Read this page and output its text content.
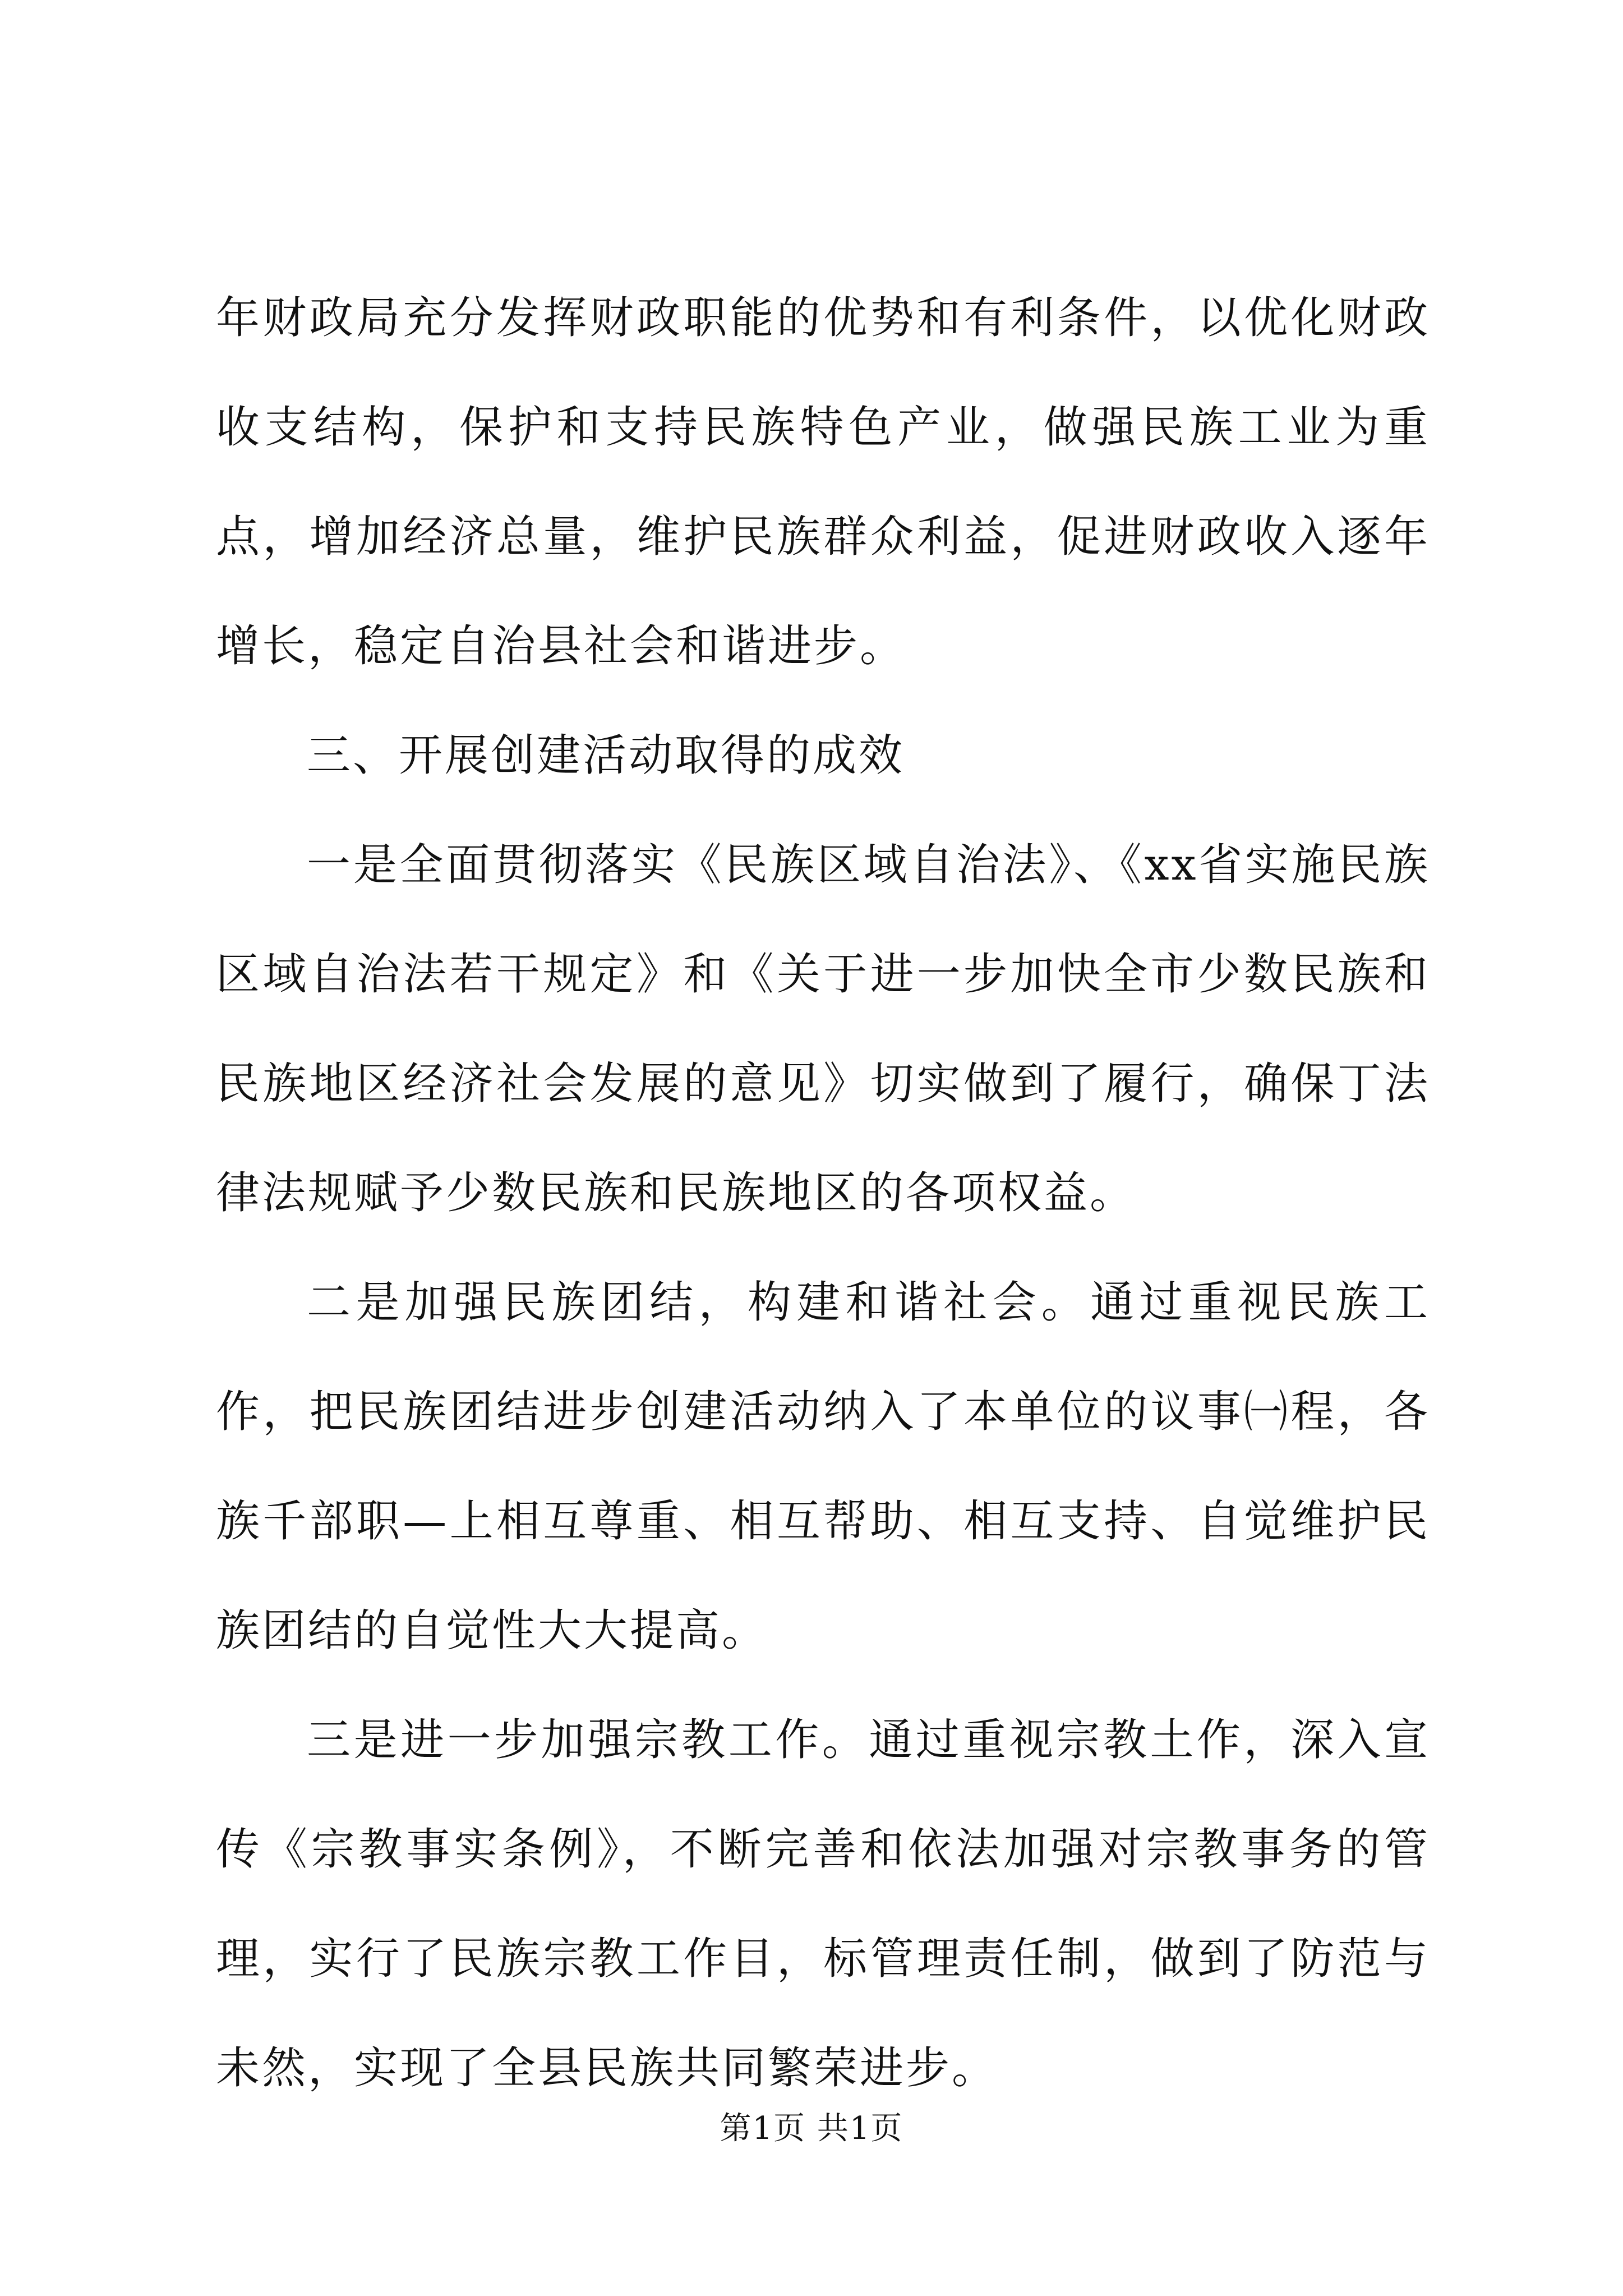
年财政局充分发挥财政职能的优势和有利条件，以优化财政收支结构，保护和支持民族特色产业，做强民族工业为重点，增加经济总量，维护民族群众利益，促进财政收入逐年增长，稳定自治县社会和谐进步。

三、开展创建活动取得的成效

一是全面贯彻落实《民族区域自治法》、《xx省实施民族区域自治法若干规定》和《关于进一步加快全市少数民族和民族地区经济社会发展的意见》切实做到了履行，确保丁法律法规赋予少数民族和民族地区的各项权益。

二是加强民族团结，构建和谐社会。通过重视民族工作，把民族团结进步创建活动纳入了本单位的议事㈠程，各族千部职—上相互尊重、相互帮助、相互支持、自觉维护民族团结的自觉性大大提高。

三是进一步加强宗教工作。通过重视宗教土作，深入宣传《宗教事实条例》，不断完善和依法加强对宗教事务的管理，实行了民族宗教工作目，标管理责任制，做到了防范与未然，实现了全县民族共同繁荣进步。

第1页 共1页
